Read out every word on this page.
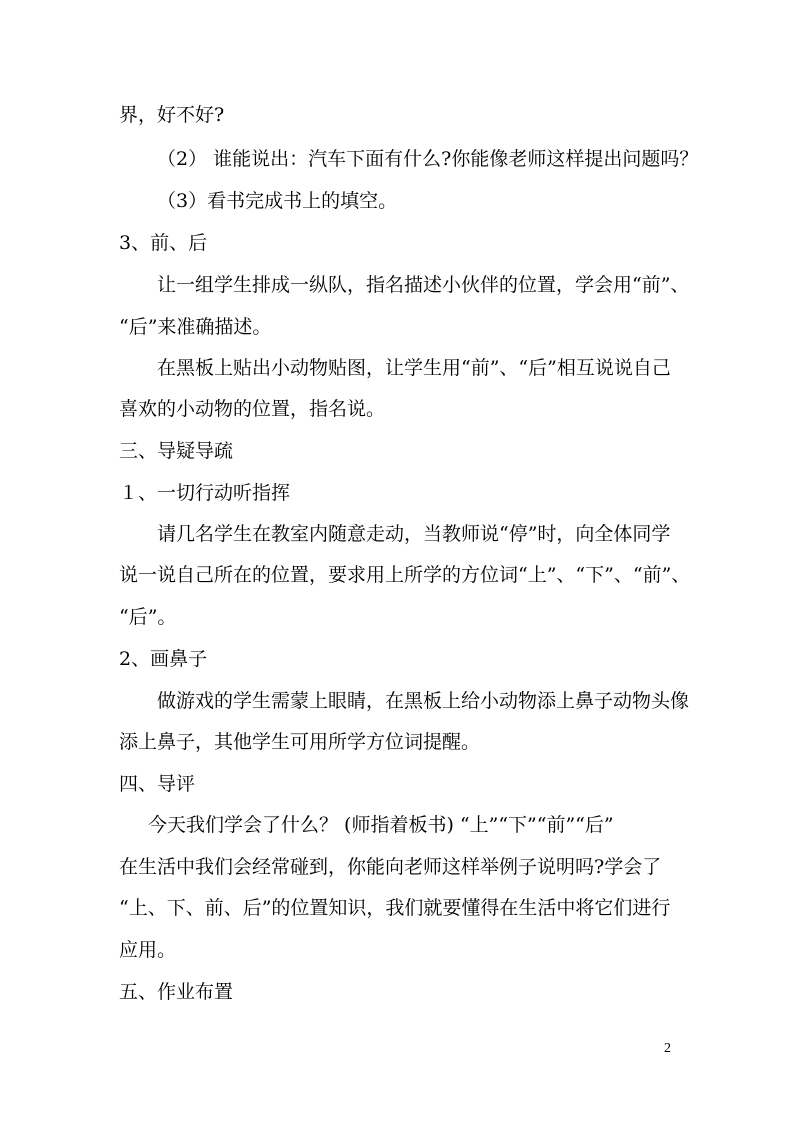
界，好不好?
（2） 谁能说出：汽车下面有什么?你能像老师这样提出问题吗？
（3）看书完成书上的填空。
3、前、后
让一组学生排成一纵队，指名描述小伙伴的位置，学会用“前”、
“后”来准确描述。
在黑板上贴出小动物贴图，让学生用“前”、“后”相互说说自己
喜欢的小动物的位置，指名说。
三、导疑导疏
１、一切行动听指挥
请几名学生在教室内随意走动，当教师说“停”时，向全体同学
说一说自己所在的位置，要求用上所学的方位词“上”、“下”、“前”、
“后”。
2、画鼻子
做游戏的学生需蒙上眼睛，在黑板上给小动物添上鼻子动物头像
添上鼻子，其他学生可用所学方位词提醒。
四、导评
今天我们学会了什么？ (师指着板书) “上”“下”“前”“后”
在生活中我们会经常碰到，你能向老师这样举例子说明吗?学会了
“上、下、前、后”的位置知识，我们就要懂得在生活中将它们进行
应用。
五、作业布置
2
